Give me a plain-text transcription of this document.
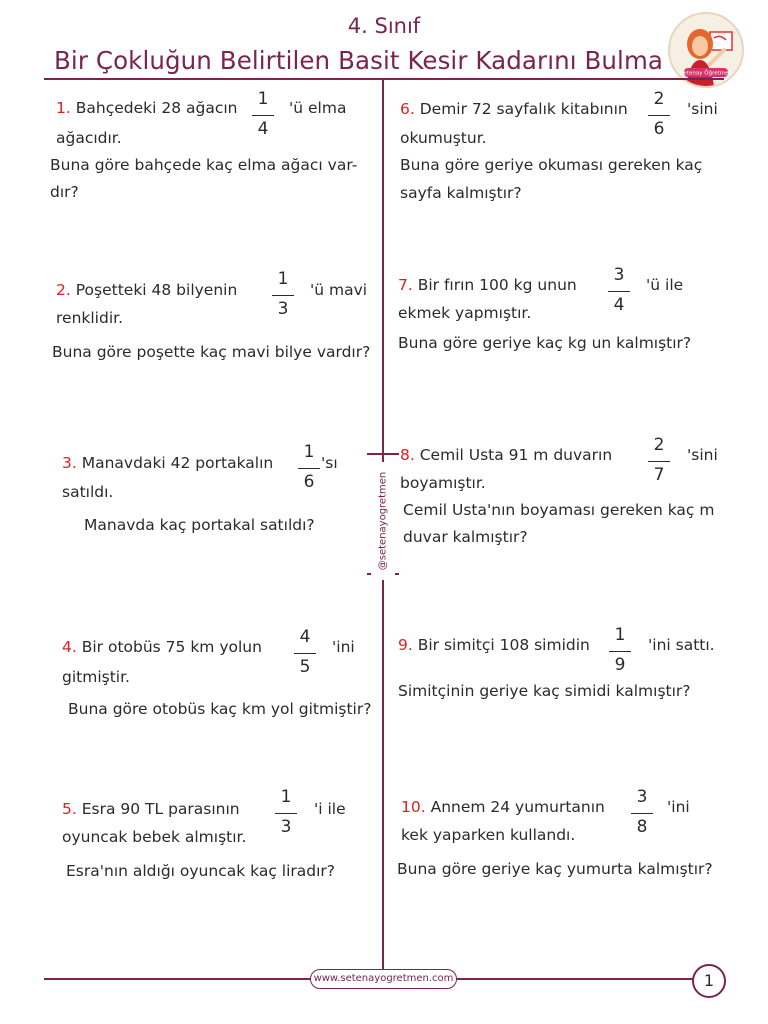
4. Sınıf
Bir Çokluğun Belirtilen Basit Kesir Kadarını Bulma	Setenay Öğretmen
@setenayogretmen
1. Bahçedeki 28 ağacın	1
4
'ü elma
ağacıdır.
Buna göre bahçede kaç elma ağacı var-
dır?
2. Poşetteki 48 bilyenin
1
3
'ü mavi
renklidir.
Buna göre poşette kaç mavi bilye vardır?
3. Manavdaki 42 portakalın
1
6
'sı
satıldı.
Manavda kaç portakal satıldı?
4. Bir otobüs 75 km yolun	4
5
'ini
gitmiştir.
Buna göre otobüs kaç km yol gitmiştir?
5. Esra 90 TL parasının
1
3
'i ile
oyuncak bebek almıştır.
Esra'nın aldığı oyuncak kaç liradır?
6. Demir 72 sayfalık kitabının	2
6
'sini
okumuştur.
Buna göre geriye okuması gereken kaç
sayfa kalmıştır?
7. Bir fırın 100 kg unun	3
4
'ü ile
ekmek yapmıştır.
Buna göre geriye kaç kg un kalmıştır?
8. Cemil Usta 91 m duvarın	2
7
'sini
boyamıştır.
Cemil Usta'nın boyaması gereken kaç m
duvar kalmıştır?
9. Bir simitçi 108 simidin	1
9
'ini sattı.
Simitçinin geriye kaç simidi kalmıştır?
10. Annem 24 yumurtanın	3
8
'ini
kek yaparken kullandı.
Buna göre geriye kaç yumurta kalmıştır?
www.setenayogretmen.com	1
